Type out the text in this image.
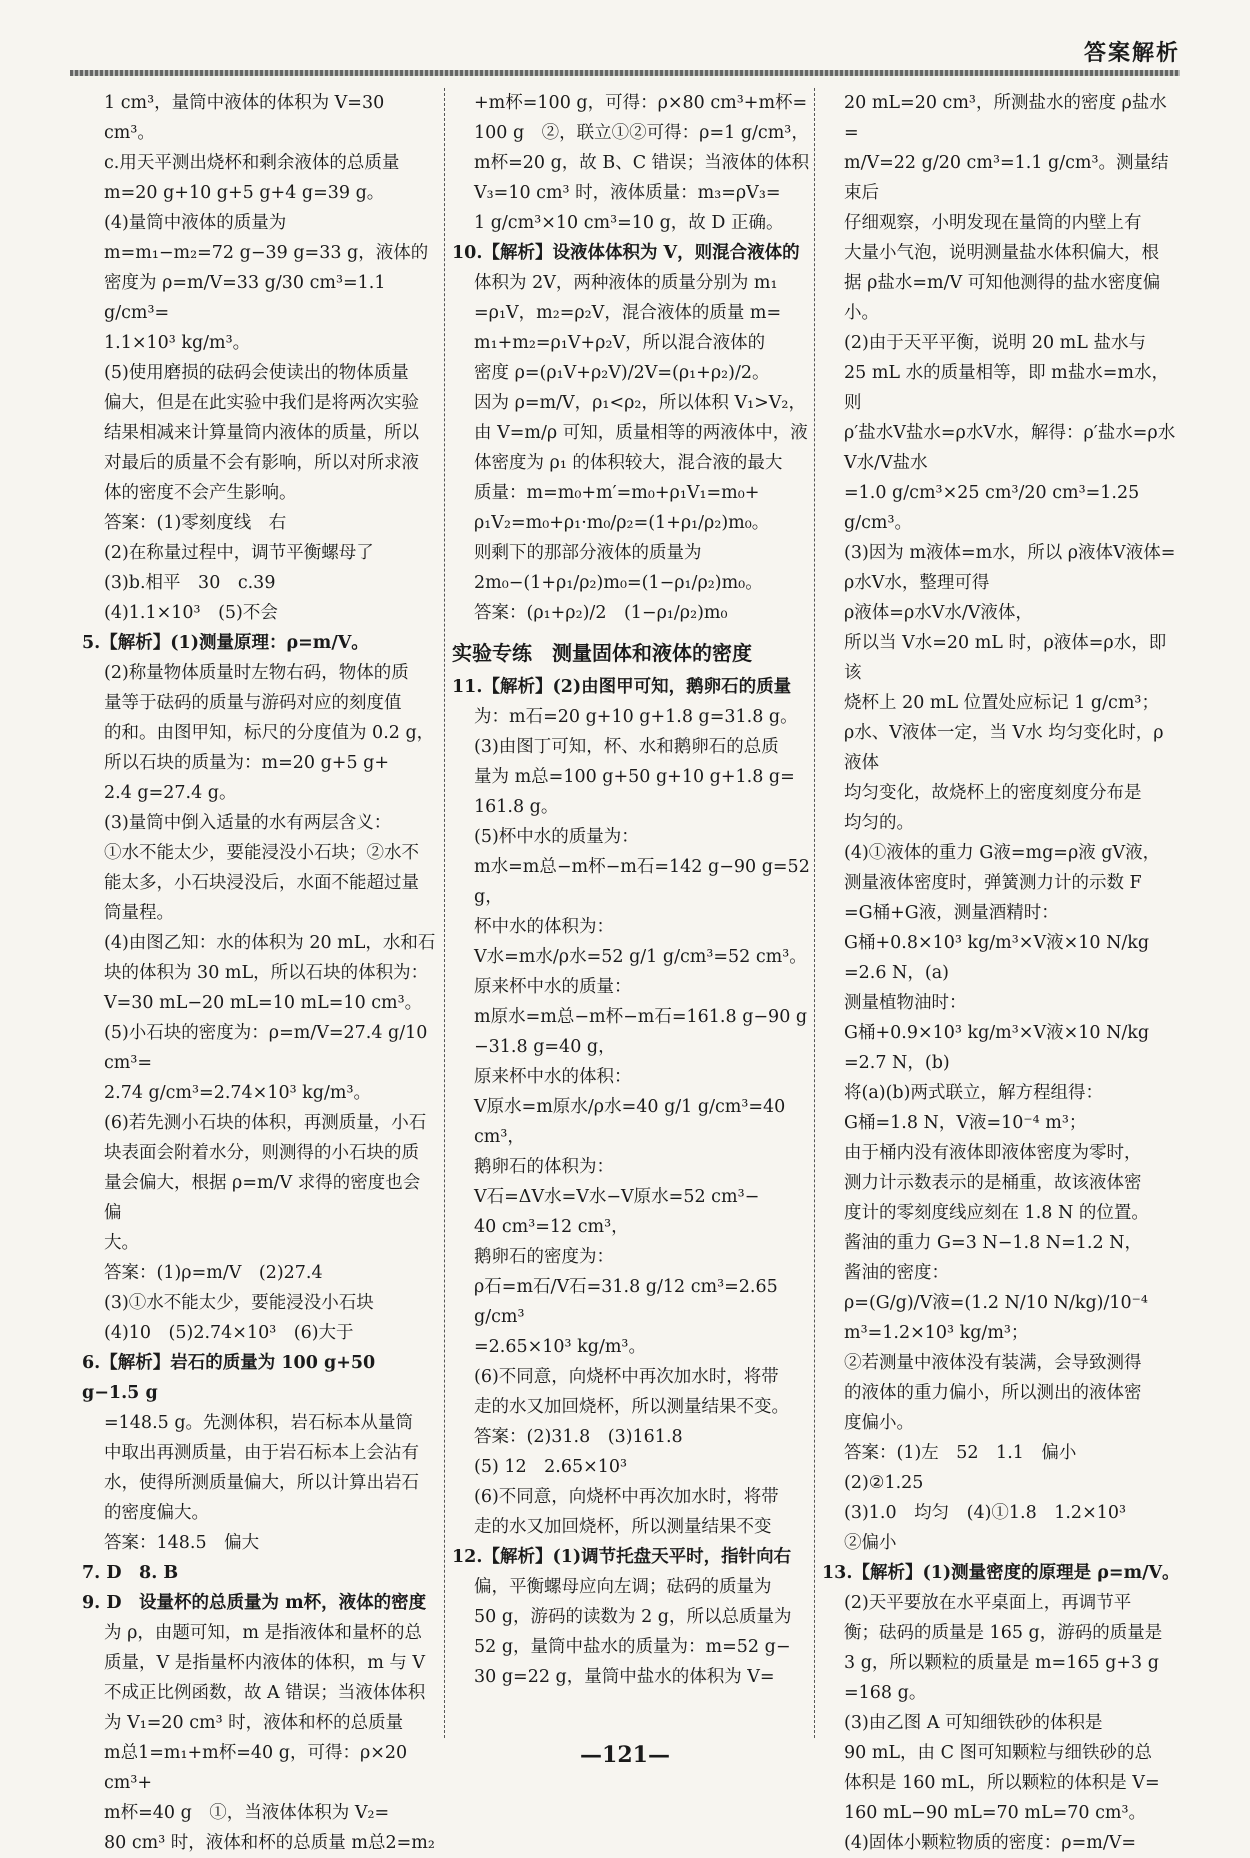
答案解析

1 cm³，量筒中液体的体积为 V=30 cm³。

c.用天平测出烧杯和剩余液体的总质量

m=20 g+10 g+5 g+4 g=39 g。

(4)量筒中液体的质量为

m=m₁−m₂=72 g−39 g=33 g，液体的

密度为 ρ=m/V=33 g/30 cm³=1.1 g/cm³=

1.1×10³ kg/m³。

(5)使用磨损的砝码会使读出的物体质量

偏大，但是在此实验中我们是将两次实验

结果相减来计算量筒内液体的质量，所以

对最后的质量不会有影响，所以对所求液

体的密度不会产生影响。

答案：(1)零刻度线　右

(2)在称量过程中，调节平衡螺母了

(3)b.相平　30　c.39

(4)1.1×10³　(5)不会

5.【解析】(1)测量原理：ρ=m/V。

(2)称量物体质量时左物右码，物体的质

量等于砝码的质量与游码对应的刻度值

的和。由图甲知，标尺的分度值为 0.2 g，

所以石块的质量为：m=20 g+5 g+

2.4 g=27.4 g。

(3)量筒中倒入适量的水有两层含义：

①水不能太少，要能浸没小石块；②水不

能太多，小石块浸没后，水面不能超过量

筒量程。

(4)由图乙知：水的体积为 20 mL，水和石

块的体积为 30 mL，所以石块的体积为：

V=30 mL−20 mL=10 mL=10 cm³。

(5)小石块的密度为：ρ=m/V=27.4 g/10 cm³=

2.74 g/cm³=2.74×10³ kg/m³。

(6)若先测小石块的体积，再测质量，小石

块表面会附着水分，则测得的小石块的质

量会偏大，根据 ρ=m/V 求得的密度也会偏

大。

答案：(1)ρ=m/V　(2)27.4

(3)①水不能太少，要能浸没小石块

(4)10　(5)2.74×10³　(6)大于

6.【解析】岩石的质量为 100 g+50 g−1.5 g

=148.5 g。先测体积，岩石标本从量筒

中取出再测质量，由于岩石标本上会沾有

水，使得所测质量偏大，所以计算出岩石

的密度偏大。

答案：148.5　偏大

7. D　8. B

9. D　设量杯的总质量为 m杯，液体的密度

为 ρ，由题可知，m 是指液体和量杯的总

质量，V 是指量杯内液体的体积，m 与 V

不成正比例函数，故 A 错误；当液体体积

为 V₁=20 cm³ 时，液体和杯的总质量

m总1=m₁+m杯=40 g，可得：ρ×20 cm³+

m杯=40 g　①，当液体体积为 V₂=

80 cm³ 时，液体和杯的总质量 m总2=m₂

+m杯=100 g，可得：ρ×80 cm³+m杯=

100 g　②，联立①②可得：ρ=1 g/cm³，

m杯=20 g，故 B、C 错误；当液体的体积

V₃=10 cm³ 时，液体质量：m₃=ρV₃=

1 g/cm³×10 cm³=10 g，故 D 正确。

10.【解析】设液体体积为 V，则混合液体的

体积为 2V，两种液体的质量分别为 m₁

=ρ₁V，m₂=ρ₂V，混合液体的质量 m=

m₁+m₂=ρ₁V+ρ₂V，所以混合液体的

密度 ρ=(ρ₁V+ρ₂V)/2V=(ρ₁+ρ₂)/2。

因为 ρ=m/V，ρ₁<ρ₂，所以体积 V₁>V₂，

由 V=m/ρ 可知，质量相等的两液体中，液

体密度为 ρ₁ 的体积较大，混合液的最大

质量：m=m₀+m′=m₀+ρ₁V₁=m₀+

ρ₁V₂=m₀+ρ₁·m₀/ρ₂=(1+ρ₁/ρ₂)m₀。

则剩下的那部分液体的质量为

2m₀−(1+ρ₁/ρ₂)m₀=(1−ρ₁/ρ₂)m₀。

答案：(ρ₁+ρ₂)/2　(1−ρ₁/ρ₂)m₀

实验专练　测量固体和液体的密度

11.【解析】(2)由图甲可知，鹅卵石的质量

为：m石=20 g+10 g+1.8 g=31.8 g。

(3)由图丁可知，杯、水和鹅卵石的总质

量为 m总=100 g+50 g+10 g+1.8 g=

161.8 g。

(5)杯中水的质量为：

m水=m总−m杯−m石=142 g−90 g=52 g，

杯中水的体积为：

V水=m水/ρ水=52 g/1 g/cm³=52 cm³。

原来杯中水的质量：

m原水=m总−m杯−m石=161.8 g−90 g

−31.8 g=40 g，

原来杯中水的体积：

V原水=m原水/ρ水=40 g/1 g/cm³=40 cm³，

鹅卵石的体积为：

V石=ΔV水=V水−V原水=52 cm³−

40 cm³=12 cm³，

鹅卵石的密度为：

ρ石=m石/V石=31.8 g/12 cm³=2.65 g/cm³

=2.65×10³ kg/m³。

(6)不同意，向烧杯中再次加水时，将带

走的水又加回烧杯，所以测量结果不变。

答案：(2)31.8　(3)161.8

(5) 12　2.65×10³

(6)不同意，向烧杯中再次加水时，将带

走的水又加回烧杯，所以测量结果不变

12.【解析】(1)调节托盘天平时，指针向右

偏，平衡螺母应向左调；砝码的质量为

50 g，游码的读数为 2 g，所以总质量为

52 g，量筒中盐水的质量为：m=52 g−

30 g=22 g，量筒中盐水的体积为 V=

20 mL=20 cm³，所测盐水的密度 ρ盐水=

m/V=22 g/20 cm³=1.1 g/cm³。测量结束后

仔细观察，小明发现在量筒的内壁上有

大量小气泡，说明测量盐水体积偏大，根

据 ρ盐水=m/V 可知他测得的盐水密度偏

小。

(2)由于天平平衡，说明 20 mL 盐水与

25 mL 水的质量相等，即 m盐水=m水，则

ρ′盐水V盐水=ρ水V水，解得：ρ′盐水=ρ水V水/V盐水

=1.0 g/cm³×25 cm³/20 cm³=1.25 g/cm³。

(3)因为 m液体=m水，所以 ρ液体V液体=

ρ水V水，整理可得

ρ液体=ρ水V水/V液体，

所以当 V水=20 mL 时，ρ液体=ρ水，即该

烧杯上 20 mL 位置处应标记 1 g/cm³；

ρ水、V液体一定，当 V水 均匀变化时，ρ液体

均匀变化，故烧杯上的密度刻度分布是

均匀的。

(4)①液体的重力 G液=mg=ρ液 gV液，

测量液体密度时，弹簧测力计的示数 F

=G桶+G液，测量酒精时：

G桶+0.8×10³ kg/m³×V液×10 N/kg

=2.6 N，(a)

测量植物油时：

G桶+0.9×10³ kg/m³×V液×10 N/kg

=2.7 N，(b)

将(a)(b)两式联立，解方程组得：

G桶=1.8 N，V液=10⁻⁴ m³；

由于桶内没有液体即液体密度为零时，

测力计示数表示的是桶重，故该液体密

度计的零刻度线应刻在 1.8 N 的位置。

酱油的重力 G=3 N−1.8 N=1.2 N，

酱油的密度：

ρ=(G/g)/V液=(1.2 N/10 N/kg)/10⁻⁴ m³=1.2×10³ kg/m³；

②若测量中液体没有装满，会导致测得

的液体的重力偏小，所以测出的液体密

度偏小。

答案：(1)左　52　1.1　偏小

(2)②1.25

(3)1.0　均匀　(4)①1.8　1.2×10³

②偏小

13.【解析】(1)测量密度的原理是 ρ=m/V。

(2)天平要放在水平桌面上，再调节平

衡；砝码的质量是 165 g，游码的质量是

3 g，所以颗粒的质量是 m=165 g+3 g

=168 g。

(3)由乙图 A 可知细铁砂的体积是

90 mL，由 C 图可知颗粒与细铁砂的总

体积是 160 mL，所以颗粒的体积是 V=

160 mL−90 mL=70 mL=70 cm³。

(4)固体小颗粒物质的密度：ρ=m/V=

—121—
